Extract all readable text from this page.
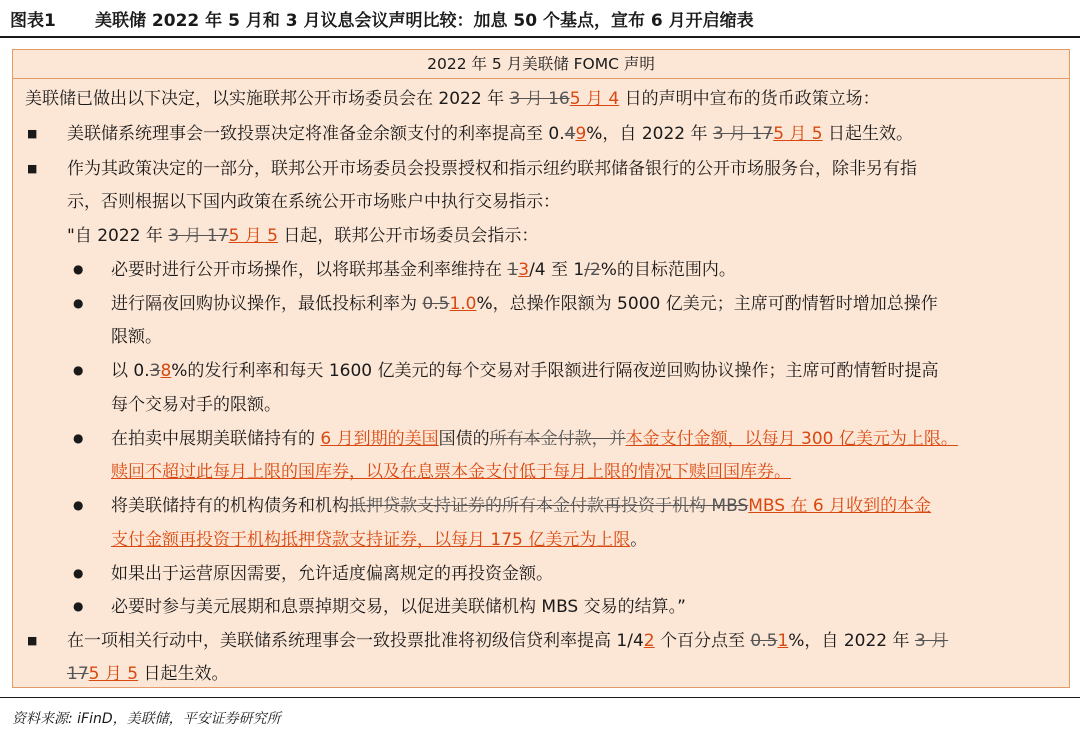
图表1	美联储 2022 年 5 月和 3 月议息会议声明比较：加息 50 个基点，宣布 6 月开启缩表
2022 年 5 月美联储 FOMC 声明
美联储已做出以下决定，以实施联邦公开市场委员会在 2022 年 3 月 165 月 4 日的声明中宣布的货币政策立场：
■ 美联储系统理事会一致投票决定将准备金余额支付的利率提高至 0.49%，自 2022 年 3 月 175 月 5 日起生效。
■ 作为其政策决定的一部分，联邦公开市场委员会投票授权和指示纽约联邦储备银行的公开市场服务台，除非另有指
示，否则根据以下国内政策在系统公开市场账户中执行交易指示：
"自 2022 年 3 月 175 月 5 日起，联邦公开市场委员会指示：
● 必要时进行公开市场操作，以将联邦基金利率维持在 13/4 至 1/2%的目标范围内。
● 进行隔夜回购协议操作，最低投标利率为 0.51.0%，总操作限额为 5000 亿美元；主席可酌情暂时增加总操作
限额。
● 以 0.38%的发行利率和每天 1600 亿美元的每个交易对手限额进行隔夜逆回购协议操作；主席可酌情暂时提高
每个交易对手的限额。
● 在拍卖中展期美联储持有的 6 月到期的美国国债的所有本金付款，并本金支付金额，以每月 300 亿美元为上限。
赎回不超过此每月上限的国库券，以及在息票本金支付低于每月上限的情况下赎回国库券。
● 将美联储持有的机构债务和机构抵押贷款支持证券的所有本金付款再投资于机构 MBSMBS 在 6 月收到的本金
支付金额再投资于机构抵押贷款支持证券，以每月 175 亿美元为上限。
● 如果出于运营原因需要，允许适度偏离规定的再投资金额。
● 必要时参与美元展期和息票掉期交易，以促进美联储机构 MBS 交易的结算。”
■ 在一项相关行动中，美联储系统理事会一致投票批准将初级信贷利率提高 1/42 个百分点至 0.51%，自 2022 年 3 月
175 月 5 日起生效。
资料来源: iFinD，美联储，平安证券研究所
